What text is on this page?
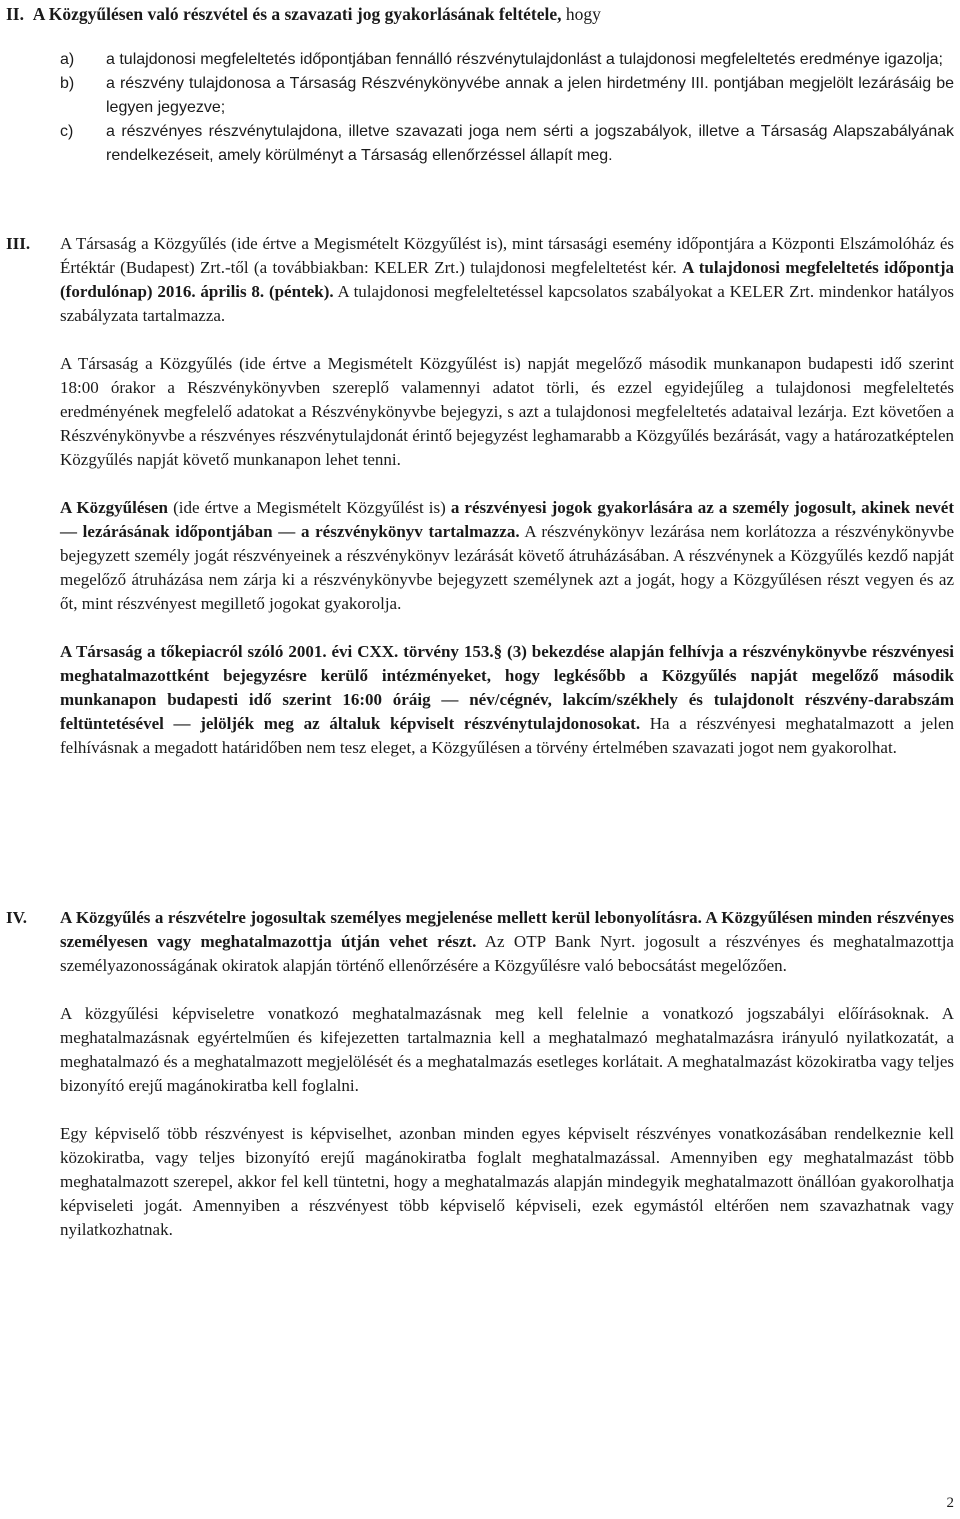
II. A Közgyűlésen való részvétel és a szavazati jog gyakorlásának feltétele, hogy
a) a tulajdonosi megfeleltetés időpontjában fennálló részvénytulajdonlást a tulajdonosi megfeleltetés eredménye igazolja;
b) a részvény tulajdonosa a Társaság Részvénykönyvébe annak a jelen hirdetmény III. pontjában megjelölt lezárásáig be legyen jegyezve;
c) a részvényes részvénytulajdona, illetve szavazati joga nem sérti a jogszabályok, illetve a Társaság Alapszabályának rendelkezéseit, amely körülményt a Társaság ellenőrzéssel állapít meg.
III. A Társaság a Közgyűlés (ide értve a Megismételt Közgyűlést is), mint társasági esemény időpontjára a Központi Elszámolóház és Értéktár (Budapest) Zrt.-től (a továbbiakban: KELER Zrt.) tulajdonosi megfeleltetést kér. A tulajdonosi megfeleltetés időpontja (fordulónap) 2016. április 8. (péntek). A tulajdonosi megfeleltetéssel kapcsolatos szabályokat a KELER Zrt. mindenkor hatályos szabályzata tartalmazza.

A Társaság a Közgyűlés (ide értve a Megismételt Közgyűlést is) napját megelőző második munkanapon budapesti idő szerint 18:00 órakor a Részvénykönyvben szereplő valamennyi adatot törli, és ezzel egyidejűleg a tulajdonosi megfeleltetés eredményének megfelelő adatokat a Részvénykönyvbe bejegyzi, s azt a tulajdonosi megfeleltetés adataival lezárja. Ezt követően a Részvénykönyvbe a részvényes részvénytulajdonát érintő bejegyzést leghamarabb a Közgyűlés bezárását, vagy a határozatképtelen Közgyűlés napját követő munkanapon lehet tenni.

A Közgyűlésen (ide értve a Megismételt Közgyűlést is) a részvényesi jogok gyakorlására az a személy jogosult, akinek nevét — lezárásának időpontjában — a részvénykönyv tartalmazza. A részvénykönyv lezárása nem korlátozza a részvénykönyvbe bejegyzett személy jogát részvényeinek a részvénykönyv lezárását követő átruházásában. A részvénynek a Közgyűlés kezdő napját megelőző átruházása nem zárja ki a részvénykönyvbe bejegyzett személynek azt a jogát, hogy a Közgyűlésen részt vegyen és az őt, mint részvényest megillető jogokat gyakorolja.

A Társaság a tőkepiacról szóló 2001. évi CXX. törvény 153.§ (3) bekezdése alapján felhívja a részvénykönyvbe részvényesi meghatalmazottként bejegyzésre kerülő intézményeket, hogy legkésőbb a Közgyűlés napját megelőző második munkanapon budapesti idő szerint 16:00 óráig — név/cégnév, lakcím/székhely és tulajdonolt részvény-darabszám feltüntetésével — jelöljék meg az általuk képviselt részvénytulajdonosokat. Ha a részvényesi meghatalmazott a jelen felhívásnak a megadott határidőben nem tesz eleget, a Közgyűlésen a törvény értelmében szavazati jogot nem gyakorolhat.

IV. A Közgyűlés a részvételre jogosultak személyes megjelenése mellett kerül lebonyolításra. A Közgyűlésen minden részvényes személyesen vagy meghatalmazottja útján vehet részt. Az OTP Bank Nyrt. jogosult a részvényes és meghatalmazottja személyazonosságának okiratok alapján történő ellenőrzésére a Közgyűlésre való bebocsátást megelőzően.

A közgyűlési képviseletre vonatkozó meghatalmazásnak meg kell felelnie a vonatkozó jogszabályi előírásoknak. A meghatalmazásnak egyértelműen és kifejezetten tartalmaznia kell a meghatalmazó meghatalmazásra irányuló nyilatkozatát, a meghatalmazó és a meghatalmazott megjelölését és a meghatalmazás esetleges korlátait. A meghatalmazást közokiratba vagy teljes bizonyító erejű magánokiratba kell foglalni.

Egy képviselő több részvényest is képviselhet, azonban minden egyes képviselt részvényes vonatkozásában rendelkeznie kell közokiratba, vagy teljes bizonyító erejű magánokiratba foglalt meghatalmazással. Amennyiben egy meghatalmazást több meghatalmazott szerepel, akkor fel kell tüntetni, hogy a meghatalmazás alapján mindegyik meghatalmazott önállóan gyakorolhatja képviseleti jogát. Amennyiben a részvényest több képviselő képviseli, ezek egymástól eltérően nem szavazhatnak vagy nyilatkozhatnak.

2
